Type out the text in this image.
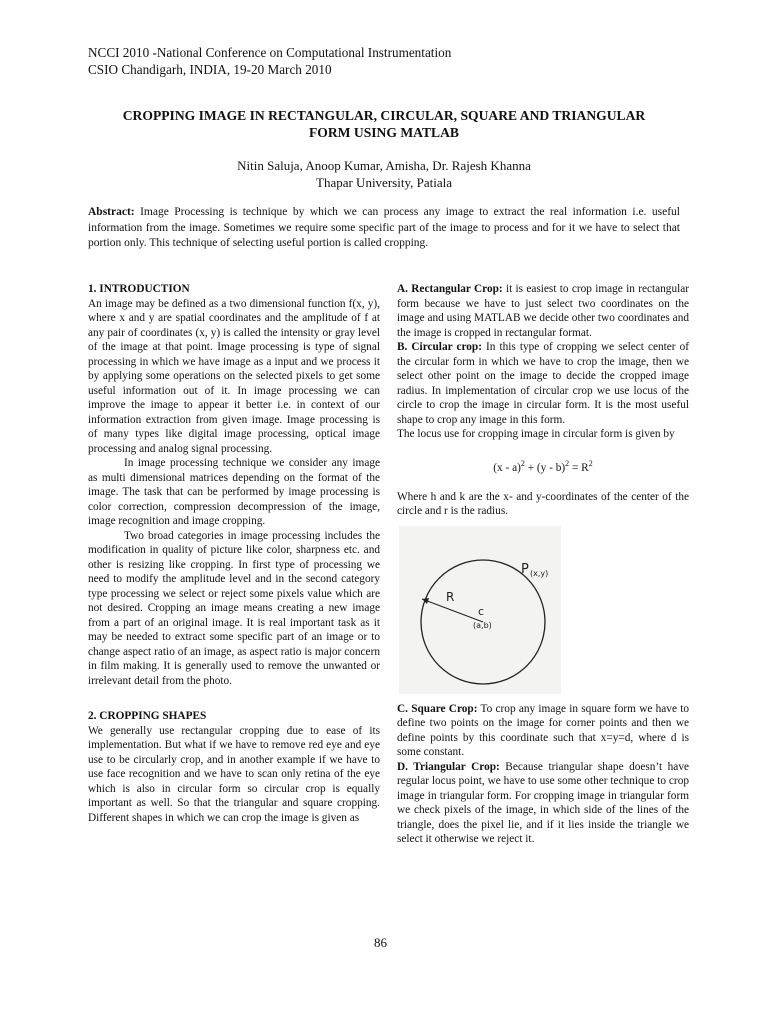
NCCI 2010 -National Conference on Computational Instrumentation
CSIO Chandigarh, INDIA, 19-20 March 2010
CROPPING IMAGE IN RECTANGULAR, CIRCULAR, SQUARE AND TRIANGULAR
FORM USING MATLAB
Nitin Saluja, Anoop Kumar, Amisha, Dr. Rajesh Khanna
Thapar University, Patiala
Abstract: Image Processing is technique by which we can process any image to extract the real information i.e. useful information from the image. Sometimes we require some specific part of the image to process and for it we have to select that portion only. This technique of selecting useful portion is called cropping.

1. INTRODUCTION

An image may be defined as a two dimensional function f(x, y), where x and y are spatial coordinates and the amplitude of f at any pair of coordinates (x, y) is called the intensity or gray level of the image at that point. Image processing is type of signal processing in which we have image as a input and we process it by applying some operations on the selected pixels to get some useful information out of it. In image processing we can improve the image to appear it better i.e. in context of our information extraction from given image. Image processing is of many types like digital image processing, optical image processing and analog signal processing.

In image processing technique we consider any image as multi dimensional matrices depending on the format of the image. The task that can be performed by image processing is color correction, compression decompression of the image, image recognition and image cropping.

Two broad categories in image processing includes the modification in quality of picture like color, sharpness etc. and other is resizing like cropping. In first type of processing we need to modify the amplitude level and in the second category type processing we select or reject some pixels value which are not desired. Cropping an image means creating a new image from a part of an original image. It is real important task as it may be needed to extract some specific part of an image or to change aspect ratio of an image, as aspect ratio is major concern in film making. It is generally used to remove the unwanted or irrelevant detail from the photo.

2. CROPPING SHAPES

We generally use rectangular cropping due to ease of its implementation. But what if we have to remove red eye and eye use to be circularly crop, and in another example if we have to use face recognition and we have to scan only retina of the eye which is also in circular form so circular crop is equally important as well. So that the triangular and square cropping. Different shapes in which we can crop the image is given as

A. Rectangular Crop: it is easiest to crop image in rectangular form because we have to just select two coordinates on the image and using MATLAB we decide other two coordinates and the image is cropped in rectangular format.

B. Circular crop: In this type of cropping we select center of the circular form in which we have to crop the image, then we select other point on the image to decide the cropped image radius. In implementation of circular crop we use locus of the circle to crop the image in circular form. It is the most useful shape to crop any image in this form.

The locus use for cropping image in circular form is given by

$(x - a)^2 + (y - b)^2 = R^2$

Where h and k are the x- and y-coordinates of the center of the circle and r is the radius.

R
c
(a,b)
P (x,y)

C. Square Crop: To crop any image in square form we have to define two points on the image for corner points and then we define points by this coordinate such that x=y=d, where d is some constant.

D. Triangular Crop: Because triangular shape doesn’t have regular locus point, we have to use some other technique to crop image in triangular form. For cropping image in triangular form we check pixels of the image, in which side of the lines of the triangle, does the pixel lie, and if it lies inside the triangle we select it otherwise we reject it.

86
